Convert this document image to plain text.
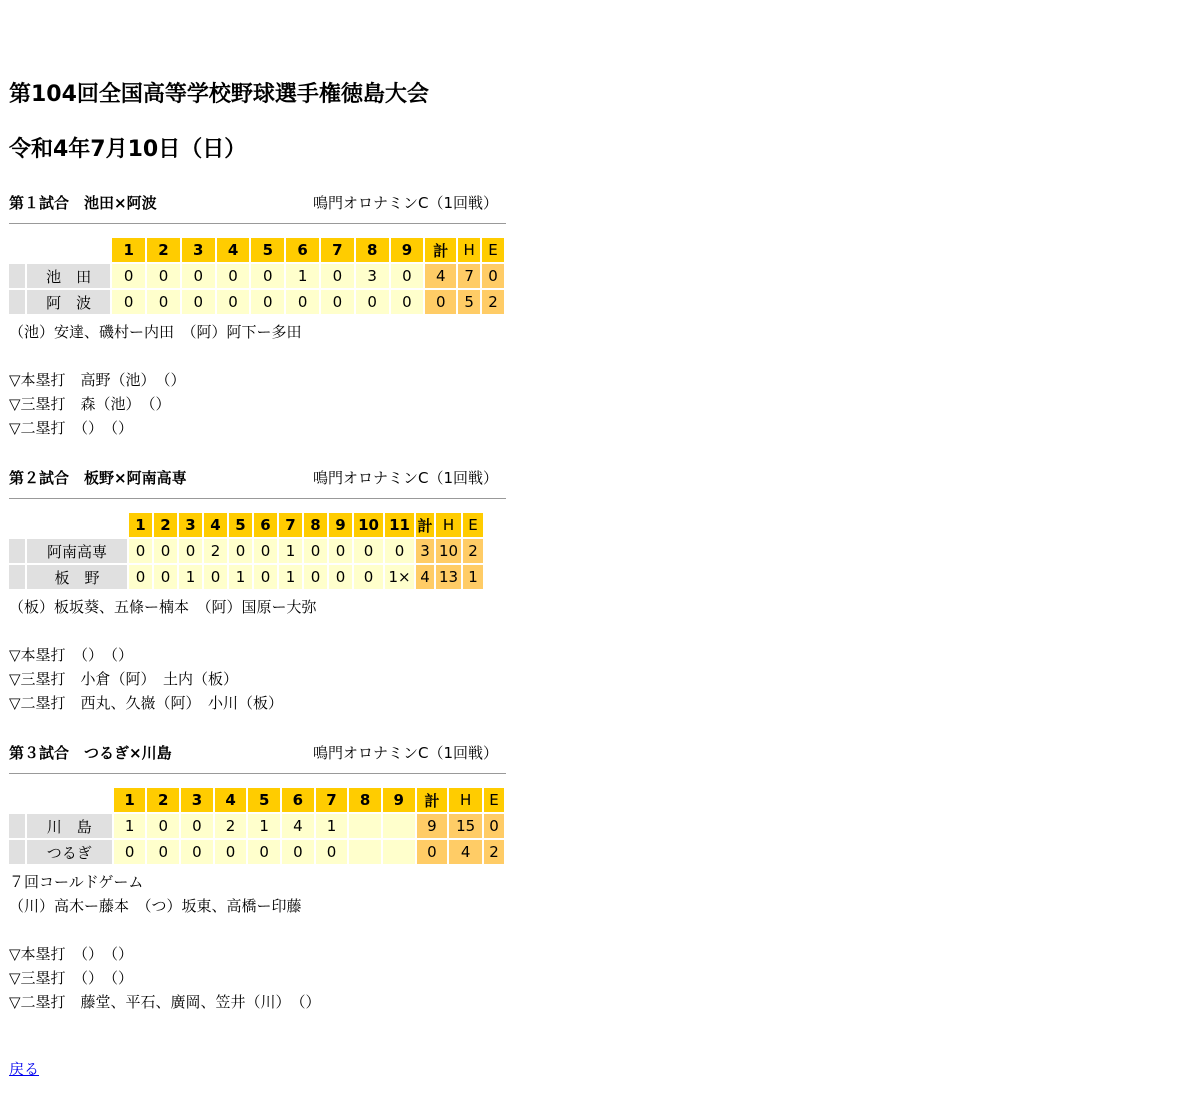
第104回全国高等学校野球選手権徳島大会
令和4年7月10日（日）
第１試合　池田×阿波	鳴門オロナミンC（1回戦）
		1	2	3	4	5	6	7	8	9	計	H	E
	池　田	0	0	0	0	0	1	0	3	0	4	7	0
	阿　波	0	0	0	0	0	0	0	0	0	0	5	2
（池）安達、磯村ー内田　（阿）阿下ー多田
▽本塁打　高野（池）　（）
▽三塁打　森（池）　（）
▽二塁打　（）　（）
第２試合　板野×阿南高専	鳴門オロナミンC（1回戦）
		1	2	3	4	5	6	7	8	9	10	11	計	H	E
	阿南高専	0	0	0	2	0	0	1	0	0	0	0	3	10	2
	板　野	0	0	1	0	1	0	1	0	0	0	1×	4	13	1
（板）板坂葵、五條ー楠本　（阿）国原ー大弥
▽本塁打　（）　（）
▽三塁打　小倉（阿）　土内（板）
▽二塁打　西丸、久嶶（阿）　小川（板）
第３試合　つるぎ×川島	鳴門オロナミンC（1回戦）
		1	2	3	4	5	6	7	8	9	計	H	E
	川　島	1	0	0	2	1	4	1			9	15	0
	つるぎ	0	0	0	0	0	0	0			0	4	2
７回コールドゲーム
（川）高木ー藤本　（つ）坂東、高橋ー印藤
▽本塁打　（）　（）
▽三塁打　（）　（）
▽二塁打　藤堂、平石、廣岡、笠井（川）　（）
戻る
